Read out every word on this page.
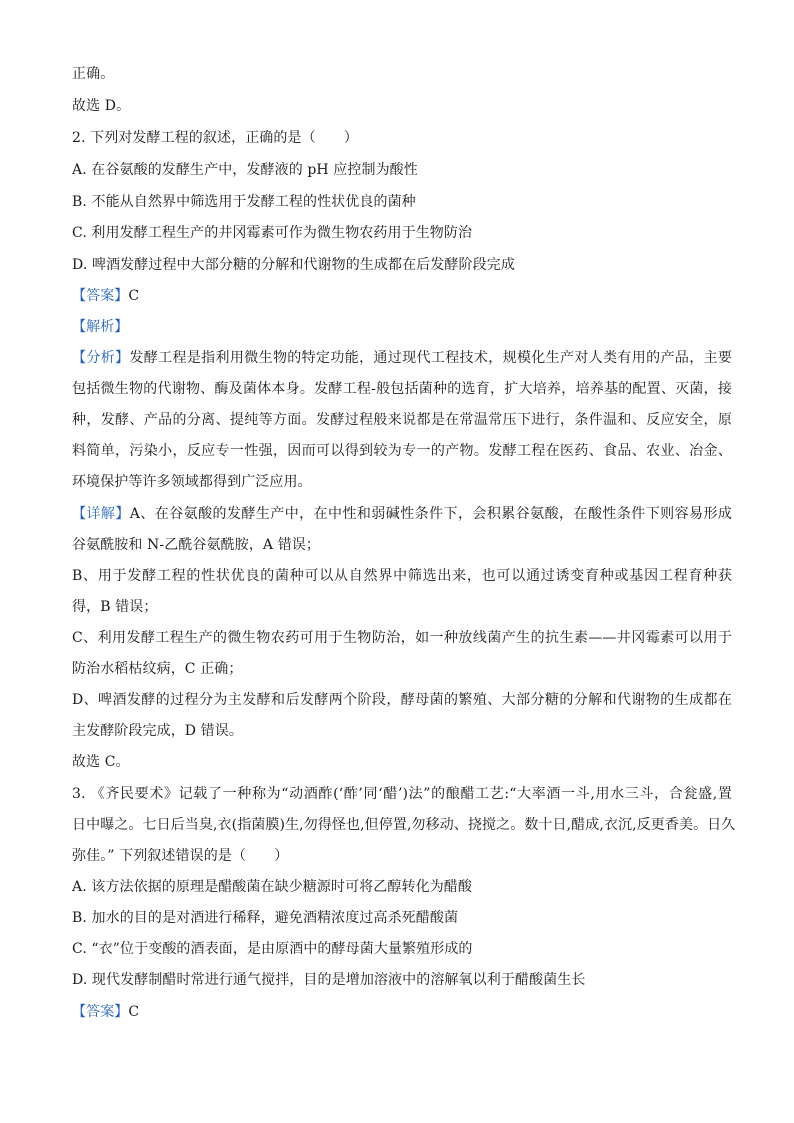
正确。
故选 D。
2. 下列对发酵工程的叙述，正确的是（　　）
A. 在谷氨酸的发酵生产中，发酵液的 pH 应控制为酸性
B. 不能从自然界中筛选用于发酵工程的性状优良的菌种
C. 利用发酵工程生产的井冈霉素可作为微生物农药用于生物防治
D. 啤酒发酵过程中大部分糖的分解和代谢物的生成都在后发酵阶段完成
【答案】C
【解析】
【分析】发酵工程是指利用微生物的特定功能，通过现代工程技术，规模化生产对人类有用的产品，主要
包括微生物的代谢物、酶及菌体本身。发酵工程-般包括菌种的选育，扩大培养，培养基的配置、灭菌，接
种，发酵、产品的分离、提纯等方面。发酵过程般来说都是在常温常压下进行，条件温和、反应安全，原
料简单，污染小，反应专一性强，因而可以得到较为专一的产物。发酵工程在医药、食品、农业、冶金、
环境保护等许多领域都得到广泛应用。
【详解】A、在谷氨酸的发酵生产中，在中性和弱碱性条件下，会积累谷氨酸，在酸性条件下则容易形成
谷氨酰胺和 N-乙酰谷氨酰胺，A 错误；
B、用于发酵工程的性状优良的菌种可以从自然界中筛选出来，也可以通过诱变育种或基因工程育种获
得，B 错误；
C、利用发酵工程生产的微生物农药可用于生物防治，如一种放线菌产生的抗生素——井冈霉素可以用于
防治水稻枯纹病，C 正确；
D、啤酒发酵的过程分为主发酵和后发酵两个阶段，酵母菌的繁殖、大部分糖的分解和代谢物的生成都在
主发酵阶段完成，D 错误。
故选 C。
3. 《齐民要术》记载了一种称为“动酒酢(‘酢’同‘醋’)法”的酿醋工艺:“大率酒一斗,用水三斗，合瓮盛,置
日中曝之。七日后当臭,衣(指菌膜)生,勿得怪也,但停置,勿移动、挠搅之。数十日,醋成,衣沉,反更香美。日久
弥佳。” 下列叙述错误的是（　　）
A. 该方法依据的原理是醋酸菌在缺少糖源时可将乙醇转化为醋酸
B. 加水的目的是对酒进行稀释，避免酒精浓度过高杀死醋酸菌
C. “衣”位于变酸的酒表面，是由原酒中的酵母菌大量繁殖形成的
D. 现代发酵制醋时常进行通气搅拌，目的是增加溶液中的溶解氧以利于醋酸菌生长
【答案】C
